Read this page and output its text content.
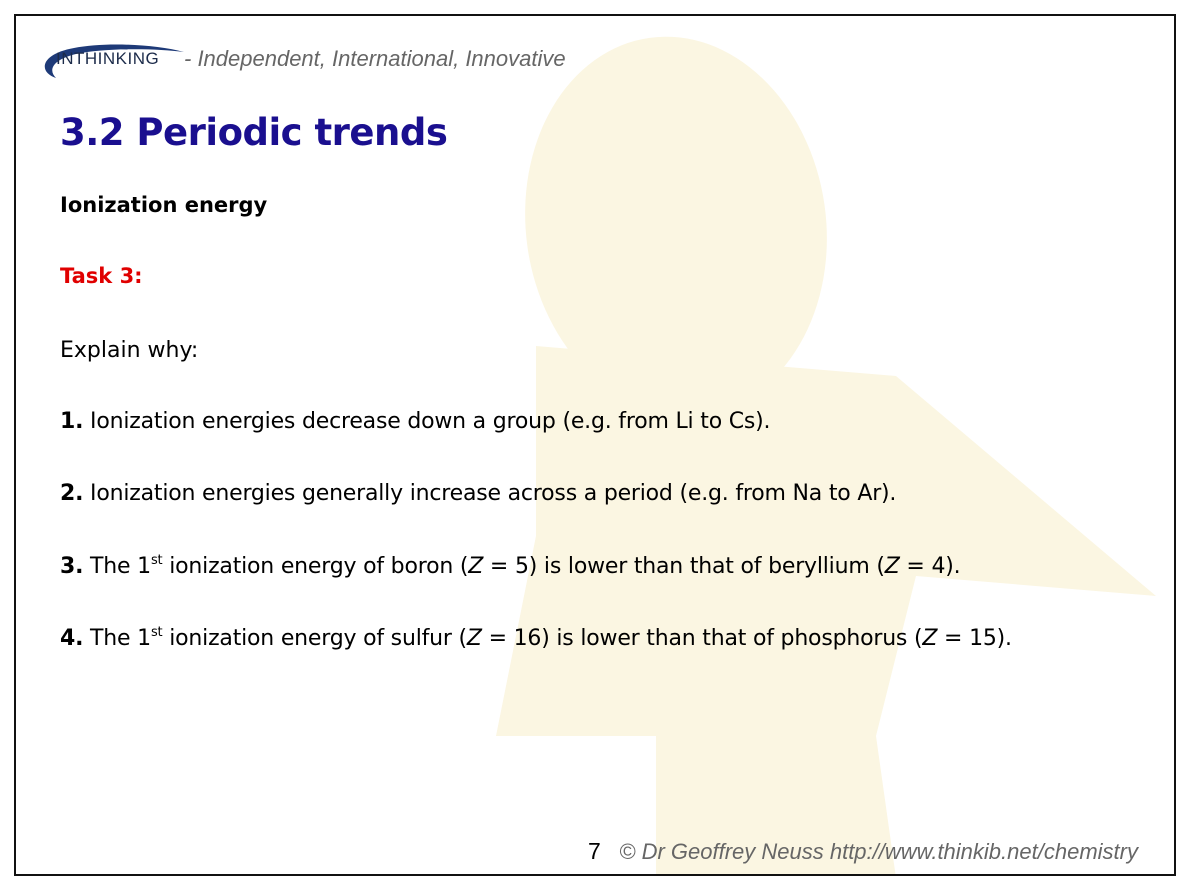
INTHINKING - Independent, International, Innovative
3.2 Periodic trends
Ionization energy
Task 3:
Explain why:
1. Ionization energies decrease down a group (e.g. from Li to Cs).
2. Ionization energies generally increase across a period (e.g. from Na to Ar).
3. The 1st ionization energy of boron (Z = 5) is lower than that of beryllium (Z = 4).
4. The 1st ionization energy of sulfur (Z = 16) is lower than that of phosphorus (Z = 15).
7 © Dr Geoffrey Neuss http://www.thinkib.net/chemistry
